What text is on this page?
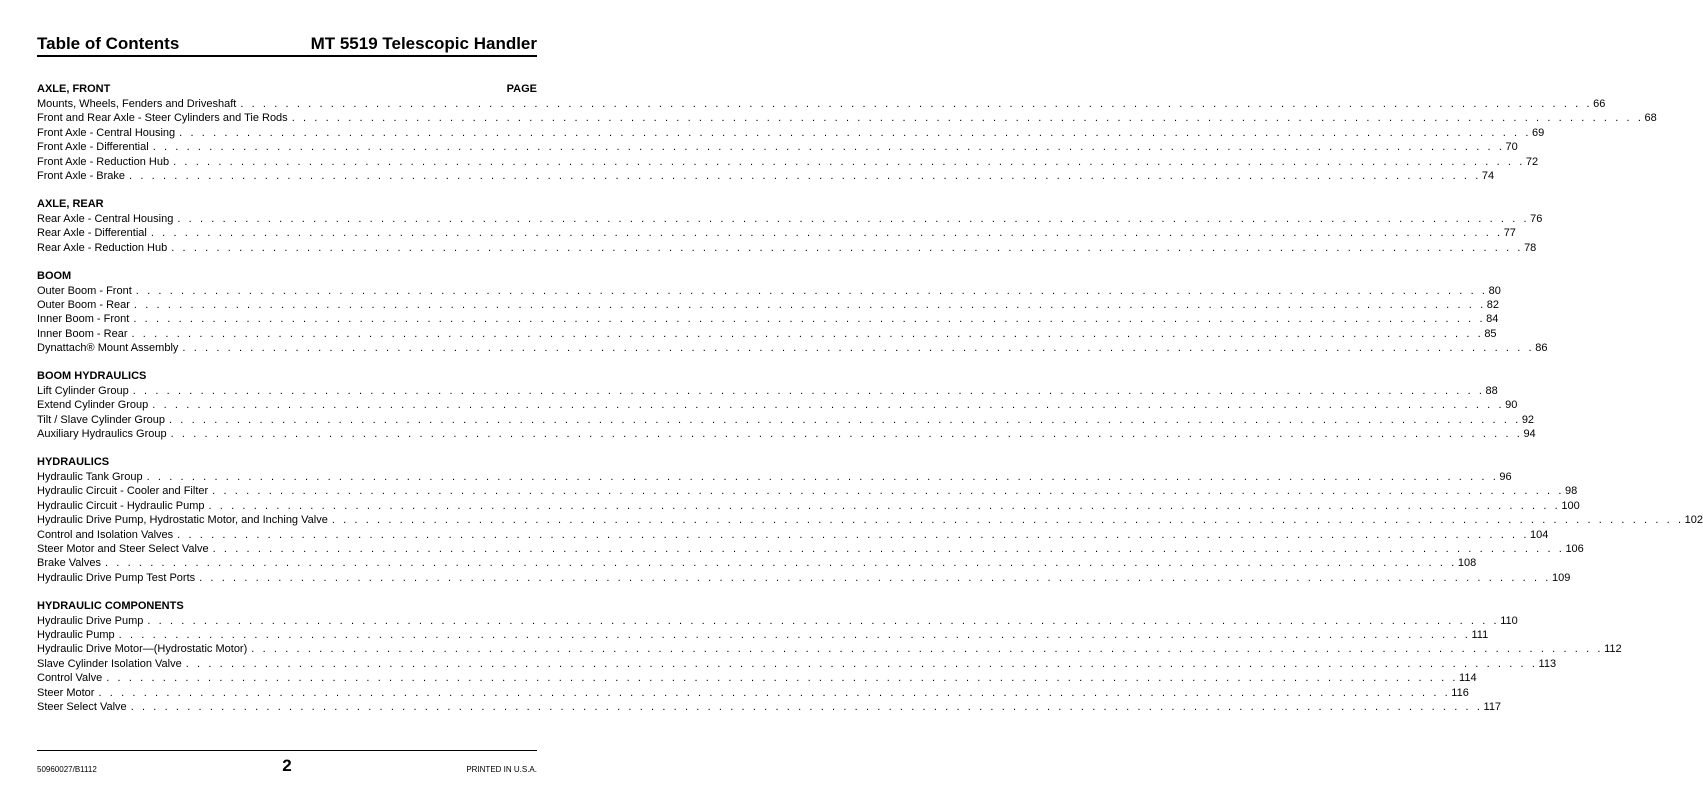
Table of Contents	MT 5519 Telescopic Handler
AXLE, FRONT	PAGE
Mounts, Wheels, Fenders and Driveshaft . . . . . . . . . . . . . . . . . . . . . . . . . . . . . . . . . . . . . . . . . . . . . . . . . . . . . . . . . . . . . . . . . . . . . . . . . . . . . . . . . . . . . . . . . . . . . . . . . . . . . . . . . . . . . . . . . . . . . . . . 66
Front and Rear Axle - Steer Cylinders and Tie Rods . . . . . . . . . . . . . . . . . . . . . . . . . . . . . . . . . . . . . . . . . . . . . . . . . . . . . . . . . . . . . . . . . . . . . . . . . . . . . . . . . . . . . . . . . . . . . . . . . . . . . . . . . . . . . . . . . . . . . . . . 68
Front Axle - Central Housing . . . . . . . . . . . . . . . . . . . . . . . . . . . . . . . . . . . . . . . . . . . . . . . . . . . . . . . . . . . . . . . . . . . . . . . . . . . . . . . . . . . . . . . . . . . . . . . . . . . . . . . . . . . . . . . . . . . . . . . . 69
Front Axle - Differential . . . . . . . . . . . . . . . . . . . . . . . . . . . . . . . . . . . . . . . . . . . . . . . . . . . . . . . . . . . . . . . . . . . . . . . . . . . . . . . . . . . . . . . . . . . . . . . . . . . . . . . . . . . . . . . . . . . . . . . . 70
Front Axle - Reduction Hub . . . . . . . . . . . . . . . . . . . . . . . . . . . . . . . . . . . . . . . . . . . . . . . . . . . . . . . . . . . . . . . . . . . . . . . . . . . . . . . . . . . . . . . . . . . . . . . . . . . . . . . . . . . . . . . . . . . . . . . . 72
Front Axle - Brake . . . . . . . . . . . . . . . . . . . . . . . . . . . . . . . . . . . . . . . . . . . . . . . . . . . . . . . . . . . . . . . . . . . . . . . . . . . . . . . . . . . . . . . . . . . . . . . . . . . . . . . . . . . . . . . . . . . . . . . . 74
AXLE, REAR
Rear Axle - Central Housing . . . . . . . . . . . . . . . . . . . . . . . . . . . . . . . . . . . . . . . . . . . . . . . . . . . . . . . . . . . . . . . . . . . . . . . . . . . . . . . . . . . . . . . . . . . . . . . . . . . . . . . . . . . . . . . . . . . . . . . . 76
Rear Axle - Differential . . . . . . . . . . . . . . . . . . . . . . . . . . . . . . . . . . . . . . . . . . . . . . . . . . . . . . . . . . . . . . . . . . . . . . . . . . . . . . . . . . . . . . . . . . . . . . . . . . . . . . . . . . . . . . . . . . . . . . . . 77
Rear Axle - Reduction Hub . . . . . . . . . . . . . . . . . . . . . . . . . . . . . . . . . . . . . . . . . . . . . . . . . . . . . . . . . . . . . . . . . . . . . . . . . . . . . . . . . . . . . . . . . . . . . . . . . . . . . . . . . . . . . . . . . . . . . . . . 78
BOOM
Outer Boom - Front . . . . . . . . . . . . . . . . . . . . . . . . . . . . . . . . . . . . . . . . . . . . . . . . . . . . . . . . . . . . . . . . . . . . . . . . . . . . . . . . . . . . . . . . . . . . . . . . . . . . . . . . . . . . . . . . . . . . . . . . 80
Outer Boom - Rear . . . . . . . . . . . . . . . . . . . . . . . . . . . . . . . . . . . . . . . . . . . . . . . . . . . . . . . . . . . . . . . . . . . . . . . . . . . . . . . . . . . . . . . . . . . . . . . . . . . . . . . . . . . . . . . . . . . . . . . . 82
Inner Boom - Front . . . . . . . . . . . . . . . . . . . . . . . . . . . . . . . . . . . . . . . . . . . . . . . . . . . . . . . . . . . . . . . . . . . . . . . . . . . . . . . . . . . . . . . . . . . . . . . . . . . . . . . . . . . . . . . . . . . . . . . . 84
Inner Boom - Rear . . . . . . . . . . . . . . . . . . . . . . . . . . . . . . . . . . . . . . . . . . . . . . . . . . . . . . . . . . . . . . . . . . . . . . . . . . . . . . . . . . . . . . . . . . . . . . . . . . . . . . . . . . . . . . . . . . . . . . . . 85
Dynattach® Mount Assembly . . . . . . . . . . . . . . . . . . . . . . . . . . . . . . . . . . . . . . . . . . . . . . . . . . . . . . . . . . . . . . . . . . . . . . . . . . . . . . . . . . . . . . . . . . . . . . . . . . . . . . . . . . . . . . . . . . . . . . . . 86
BOOM HYDRAULICS
Lift Cylinder Group . . . . . . . . . . . . . . . . . . . . . . . . . . . . . . . . . . . . . . . . . . . . . . . . . . . . . . . . . . . . . . . . . . . . . . . . . . . . . . . . . . . . . . . . . . . . . . . . . . . . . . . . . . . . . . . . . . . . . . . . 88
Extend Cylinder Group . . . . . . . . . . . . . . . . . . . . . . . . . . . . . . . . . . . . . . . . . . . . . . . . . . . . . . . . . . . . . . . . . . . . . . . . . . . . . . . . . . . . . . . . . . . . . . . . . . . . . . . . . . . . . . . . . . . . . . . . 90
Tilt / Slave Cylinder Group . . . . . . . . . . . . . . . . . . . . . . . . . . . . . . . . . . . . . . . . . . . . . . . . . . . . . . . . . . . . . . . . . . . . . . . . . . . . . . . . . . . . . . . . . . . . . . . . . . . . . . . . . . . . . . . . . . . . . . . . 92
Auxiliary Hydraulics Group . . . . . . . . . . . . . . . . . . . . . . . . . . . . . . . . . . . . . . . . . . . . . . . . . . . . . . . . . . . . . . . . . . . . . . . . . . . . . . . . . . . . . . . . . . . . . . . . . . . . . . . . . . . . . . . . . . . . . . . . 94
HYDRAULICS
Hydraulic Tank Group . . . . . . . . . . . . . . . . . . . . . . . . . . . . . . . . . . . . . . . . . . . . . . . . . . . . . . . . . . . . . . . . . . . . . . . . . . . . . . . . . . . . . . . . . . . . . . . . . . . . . . . . . . . . . . . . . . . . . . . . 96
Hydraulic Circuit - Cooler and Filter . . . . . . . . . . . . . . . . . . . . . . . . . . . . . . . . . . . . . . . . . . . . . . . . . . . . . . . . . . . . . . . . . . . . . . . . . . . . . . . . . . . . . . . . . . . . . . . . . . . . . . . . . . . . . . . . . . . . . . . . 98
Hydraulic Circuit - Hydraulic Pump . . . . . . . . . . . . . . . . . . . . . . . . . . . . . . . . . . . . . . . . . . . . . . . . . . . . . . . . . . . . . . . . . . . . . . . . . . . . . . . . . . . . . . . . . . . . . . . . . . . . . . . . . . . . . . . . . . . . . . . . 100
Hydraulic Drive Pump, Hydrostatic Motor, and Inching Valve . . . . . . . . . . . . . . . . . . . . . . . . . . . . . . . . . . . . . . . . . . . . . . . . . . . . . . . . . . . . . . . . . . . . . . . . . . . . . . . . . . . . . . . . . . . . . . . . . . . . . . . . . . . . . . . . . . . . . . . . 102
Control and Isolation Valves . . . . . . . . . . . . . . . . . . . . . . . . . . . . . . . . . . . . . . . . . . . . . . . . . . . . . . . . . . . . . . . . . . . . . . . . . . . . . . . . . . . . . . . . . . . . . . . . . . . . . . . . . . . . . . . . . . . . . . . . 104
Steer Motor and Steer Select Valve . . . . . . . . . . . . . . . . . . . . . . . . . . . . . . . . . . . . . . . . . . . . . . . . . . . . . . . . . . . . . . . . . . . . . . . . . . . . . . . . . . . . . . . . . . . . . . . . . . . . . . . . . . . . . . . . . . . . . . . . 106
Brake Valves . . . . . . . . . . . . . . . . . . . . . . . . . . . . . . . . . . . . . . . . . . . . . . . . . . . . . . . . . . . . . . . . . . . . . . . . . . . . . . . . . . . . . . . . . . . . . . . . . . . . . . . . . . . . . . . . . . . . . . . . 108
Hydraulic Drive Pump Test Ports . . . . . . . . . . . . . . . . . . . . . . . . . . . . . . . . . . . . . . . . . . . . . . . . . . . . . . . . . . . . . . . . . . . . . . . . . . . . . . . . . . . . . . . . . . . . . . . . . . . . . . . . . . . . . . . . . . . . . . . . 109
HYDRAULIC COMPONENTS
Hydraulic Drive Pump . . . . . . . . . . . . . . . . . . . . . . . . . . . . . . . . . . . . . . . . . . . . . . . . . . . . . . . . . . . . . . . . . . . . . . . . . . . . . . . . . . . . . . . . . . . . . . . . . . . . . . . . . . . . . . . . . . . . . . . . 110
Hydraulic Pump . . . . . . . . . . . . . . . . . . . . . . . . . . . . . . . . . . . . . . . . . . . . . . . . . . . . . . . . . . . . . . . . . . . . . . . . . . . . . . . . . . . . . . . . . . . . . . . . . . . . . . . . . . . . . . . . . . . . . . . . 111
Hydraulic Drive Motor—(Hydrostatic Motor) . . . . . . . . . . . . . . . . . . . . . . . . . . . . . . . . . . . . . . . . . . . . . . . . . . . . . . . . . . . . . . . . . . . . . . . . . . . . . . . . . . . . . . . . . . . . . . . . . . . . . . . . . . . . . . . . . . . . . . . . 112
Slave Cylinder Isolation Valve . . . . . . . . . . . . . . . . . . . . . . . . . . . . . . . . . . . . . . . . . . . . . . . . . . . . . . . . . . . . . . . . . . . . . . . . . . . . . . . . . . . . . . . . . . . . . . . . . . . . . . . . . . . . . . . . . . . . . . . . 113
Control Valve . . . . . . . . . . . . . . . . . . . . . . . . . . . . . . . . . . . . . . . . . . . . . . . . . . . . . . . . . . . . . . . . . . . . . . . . . . . . . . . . . . . . . . . . . . . . . . . . . . . . . . . . . . . . . . . . . . . . . . . . 114
Steer Motor . . . . . . . . . . . . . . . . . . . . . . . . . . . . . . . . . . . . . . . . . . . . . . . . . . . . . . . . . . . . . . . . . . . . . . . . . . . . . . . . . . . . . . . . . . . . . . . . . . . . . . . . . . . . . . . . . . . . . . . . 116
Steer Select Valve . . . . . . . . . . . . . . . . . . . . . . . . . . . . . . . . . . . . . . . . . . . . . . . . . . . . . . . . . . . . . . . . . . . . . . . . . . . . . . . . . . . . . . . . . . . . . . . . . . . . . . . . . . . . . . . . . . . . . . . . 117
50960027/B1112	2	PRINTED IN U.S.A.
